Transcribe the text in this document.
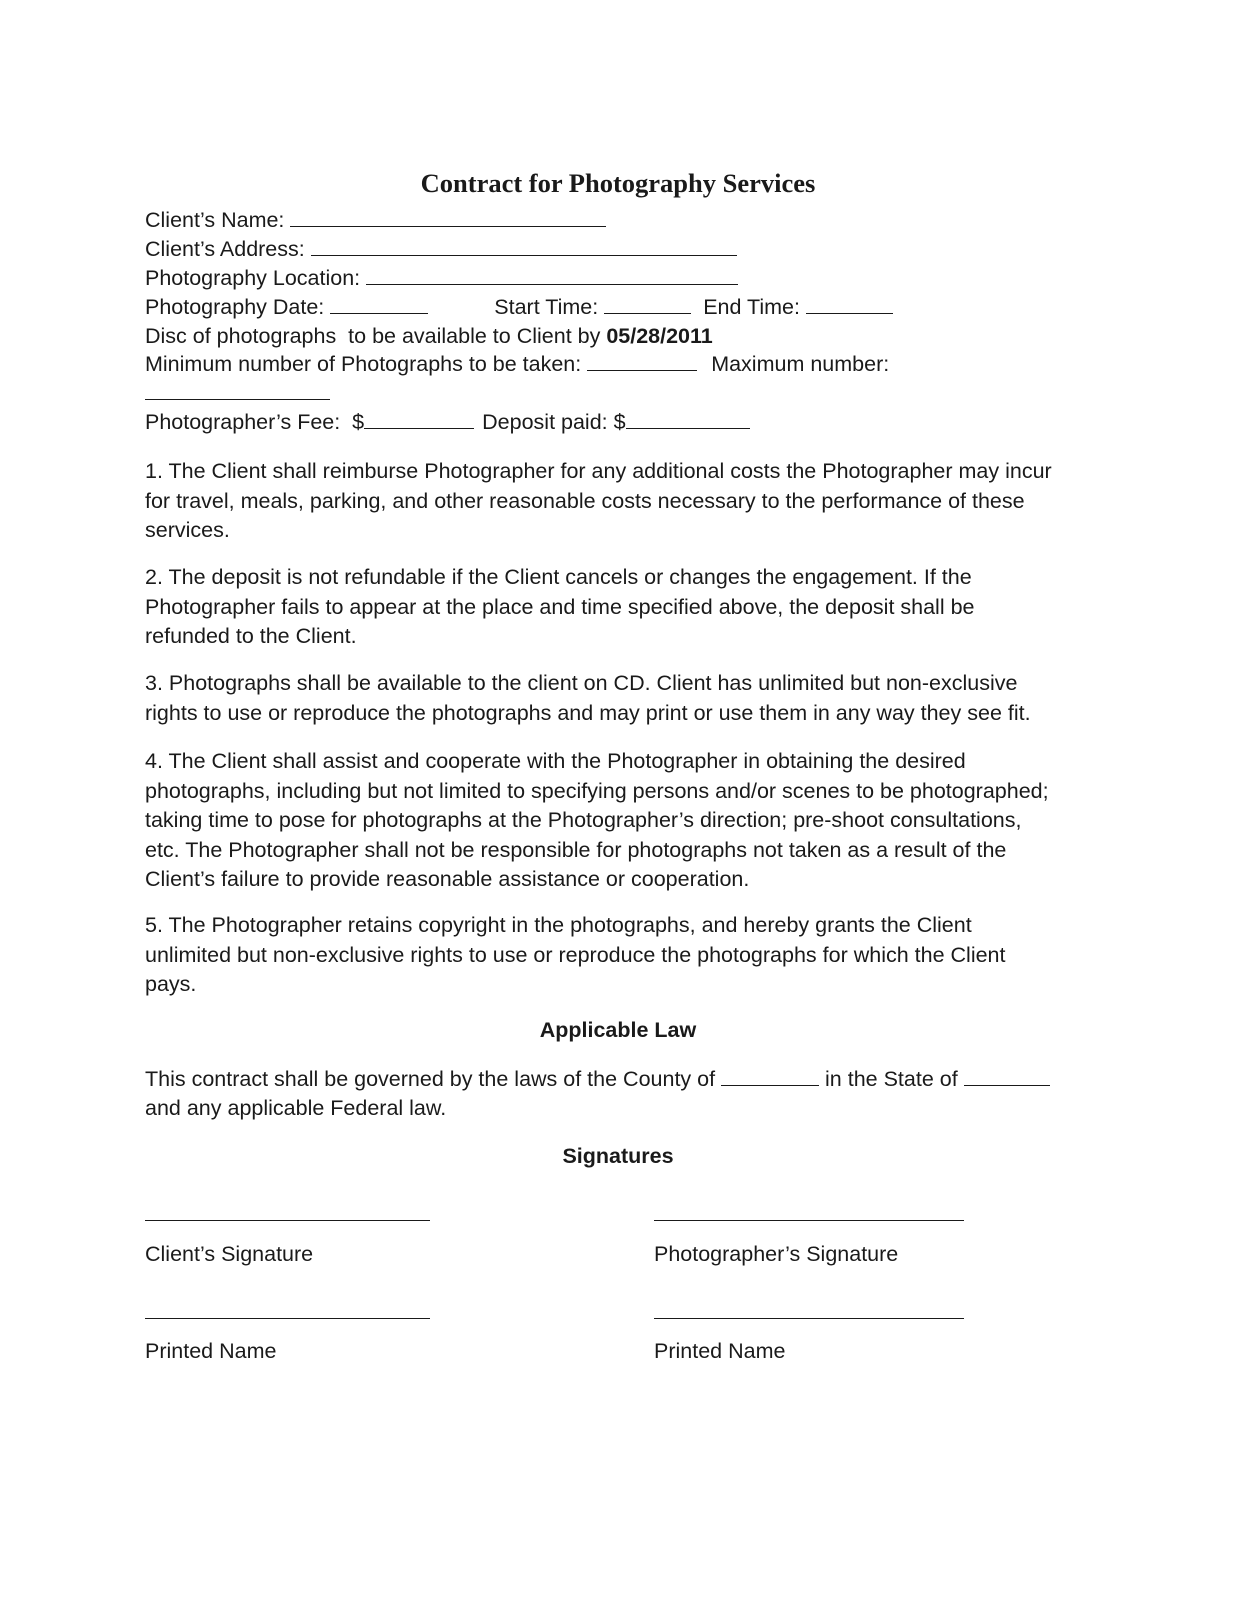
Contract for Photography Services
Client’s Name:
Client’s Address:
Photography Location:
Photography Date:	Start Time:	End Time:
Disc of photographs  to be available to Client by 05/28/2011
Minimum number of Photographs to be taken:	Maximum number:
Photographer’s Fee:  $	Deposit paid: $
1. The Client shall reimburse Photographer for any additional costs the Photographer may incur
for travel, meals, parking, and other reasonable costs necessary to the performance of these
services.
2. The deposit is not refundable if the Client cancels or changes the engagement. If the
Photographer fails to appear at the place and time specified above, the deposit shall be
refunded to the Client.
3. Photographs shall be available to the client on CD. Client has unlimited but non-exclusive
rights to use or reproduce the photographs and may print or use them in any way they see fit.
4. The Client shall assist and cooperate with the Photographer in obtaining the desired
photographs, including but not limited to specifying persons and/or scenes to be photographed;
taking time to pose for photographs at the Photographer’s direction; pre-shoot consultations,
etc. The Photographer shall not be responsible for photographs not taken as a result of the
Client’s failure to provide reasonable assistance or cooperation.
5. The Photographer retains copyright in the photographs, and hereby grants the Client
unlimited but non-exclusive rights to use or reproduce the photographs for which the Client
pays.
Applicable Law
This contract shall be governed by the laws of the County of	in the State of
and any applicable Federal law.
Signatures
Client’s Signature	Photographer’s Signature
Printed Name	Printed Name
